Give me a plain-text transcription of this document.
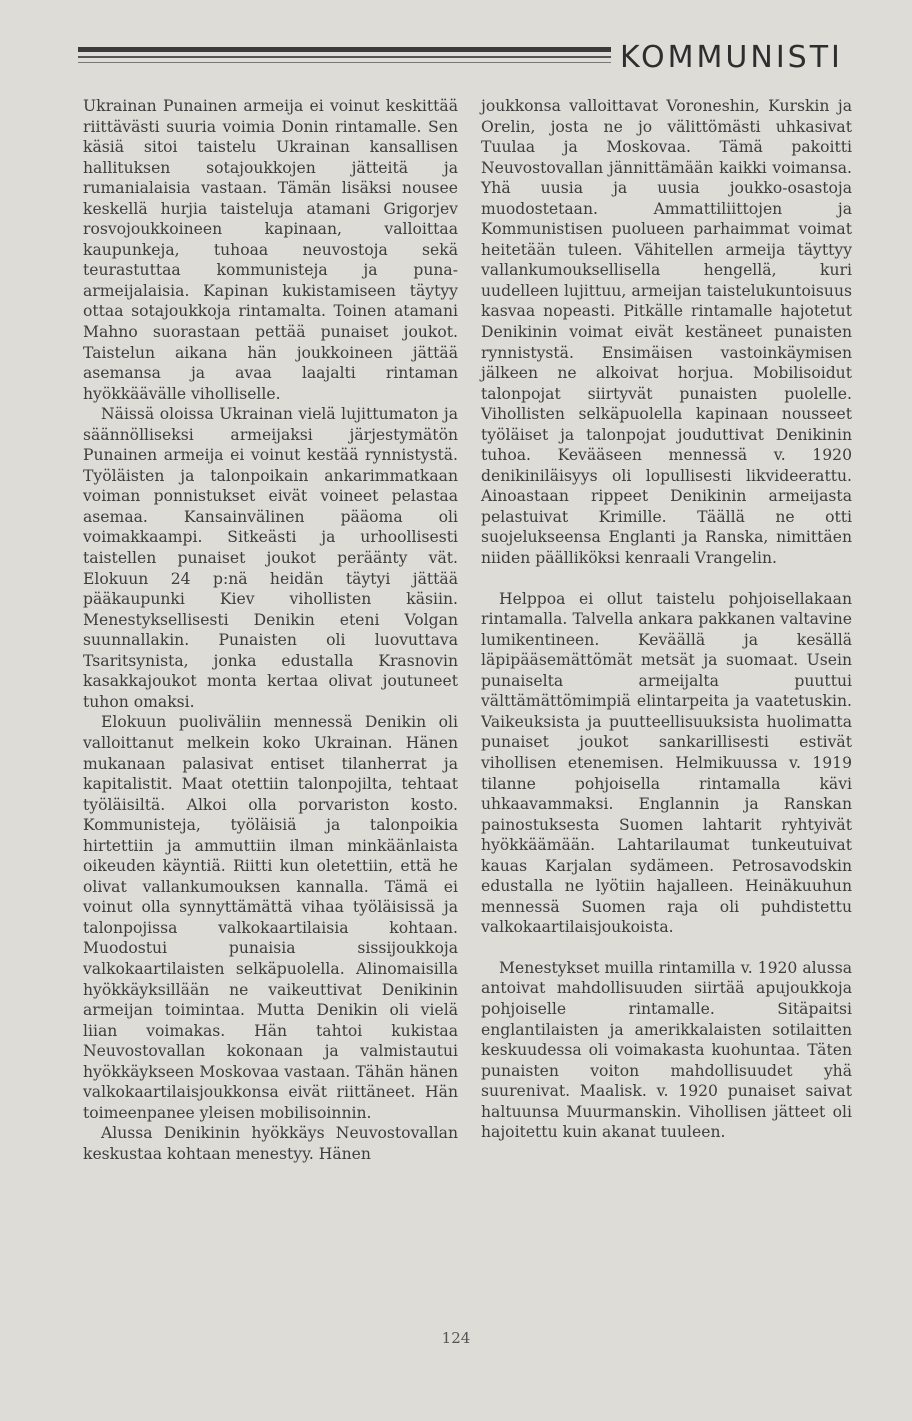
KOMMUNISTI

Ukrainan Punainen armeija ei voinut keskittää riittävästi suuria voimia Donin rintamalle. Sen käsiä sitoi taistelu Ukrainan kansallisen hallituksen sotajoukkojen jätteitä ja rumanialaisia vastaan. Tämän lisäksi nousee keskellä hurjia taisteluja atamani Grigorjev rosvojoukkoineen kapinaan, valloittaa kaupunkeja, tuhoaa neuvostoja sekä teurastuttaa kommunisteja ja puna-armeijalaisia. Kapinan kukistamiseen täytyy ottaa sotajoukkoja rintamalta. Toinen atamani Mahno suorastaan pettää punaiset joukot. Taistelun aikana hän joukkoineen jättää asemansa ja avaa laajalti rintaman hyökkäävälle viholliselle.

Näissä oloissa Ukrainan vielä lujittumaton ja säännölliseksi armeijaksi järjestymätön Punainen armeija ei voinut kestää rynnistystä. Työläisten ja talonpoikain ankarimmatkaan voiman ponnistukset eivät voineet pelastaa asemaa. Kansainvälinen pääoma oli voimakkaampi. Sitkeästi ja urhoollisesti taistellen punaiset joukot peräänty vät. Elokuun 24 p:nä heidän täytyi jättää pääkaupunki Kiev vihollisten käsiin. Menestyksellisesti Denikin eteni Volgan suunnallakin. Punaisten oli luovuttava Tsaritsynista, jonka edustalla Krasnovin kasakkajoukot monta kertaa olivat joutuneet tuhon omaksi.

Elokuun puoliväliin mennessä Denikin oli valloittanut melkein koko Ukrainan. Hänen mukanaan palasivat entiset tilanherrat ja kapitalistit. Maat otettiin talonpojilta, tehtaat työläisiltä. Alkoi olla porvariston kosto. Kommunisteja, työläisiä ja talonpoikia hirtettiin ja ammuttiin ilman minkäänlaista oikeuden käyntiä. Riitti kun oletettiin, että he olivat vallankumouksen kannalla. Tämä ei voinut olla synnyttämättä vihaa työläisissä ja talonpojissa valkokaartilaisia kohtaan. Muodostui punaisia sissijoukkoja valkokaartilaisten selkäpuolella. Alinomaisilla hyökkäyksillään ne vaikeuttivat Denikinin armeijan toimintaa. Mutta Denikin oli vielä liian voimakas. Hän tahtoi kukistaa Neuvostovallan kokonaan ja valmistautui hyökkäykseen Moskovaa vastaan. Tähän hänen valkokaartilaisjoukkonsa eivät riittäneet. Hän toimeenpanee yleisen mobilisoinnin.

Alussa Denikinin hyökkäys Neuvostovallan keskustaa kohtaan menestyy. Hänen

joukkonsa valloittavat Voroneshin, Kurskin ja Orelin, josta ne jo välittömästi uhkasivat Tuulaa ja Moskovaa. Tämä pakoitti Neuvostovallan jännittämään kaikki voimansa. Yhä uusia ja uusia joukko-osastoja muodostetaan. Ammattiliittojen ja Kommunistisen puolueen parhaimmat voimat heitetään tuleen. Vähitellen armeija täyttyy vallankumouksellisella hengellä, kuri uudelleen lujittuu, armeijan taistelukuntoisuus kasvaa nopeasti. Pitkälle rintamalle hajotetut Denikinin voimat eivät kestäneet punaisten rynnistystä. Ensimäisen vastoinkäymisen jälkeen ne alkoivat horjua. Mobilisoidut talonpojat siirtyvät punaisten puolelle. Vihollisten selkäpuolella kapinaan nousseet työläiset ja talonpojat jouduttivat Denikinin tuhoa. Kevääseen mennessä v. 1920 denikiniläisyys oli lopullisesti likvideerattu. Ainoastaan rippeet Denikinin armeijasta pelastuivat Krimille. Täällä ne otti suojelukseensa Englanti ja Ranska, nimittäen niiden päälliköksi kenraali Vrangelin.

Helppoa ei ollut taistelu pohjoisellakaan rintamalla. Talvella ankara pakkanen valtavine lumikentineen. Keväällä ja kesällä läpipääsemättömät metsät ja suomaat. Usein punaiselta armeijalta puuttui välttämättömimpiä elintarpeita ja vaatetuskin. Vaikeuksista ja puutteellisuuksista huolimatta punaiset joukot sankarillisesti estivät vihollisen etenemisen. Helmikuussa v. 1919 tilanne pohjoisella rintamalla kävi uhkaavammaksi. Englannin ja Ranskan painostuksesta Suomen lahtarit ryhtyivät hyökkäämään. Lahtarilaumat tunkeutuivat kauas Karjalan sydämeen. Petrosavodskin edustalla ne lyötiin hajalleen. Heinäkuuhun mennessä Suomen raja oli puhdistettu valkokaartilaisjoukoista.

Menestykset muilla rintamilla v. 1920 alussa antoivat mahdollisuuden siirtää apujoukkoja pohjoiselle rintamalle. Sitäpaitsi englantilaisten ja amerikkalaisten sotilaitten keskuudessa oli voimakasta kuohuntaa. Täten punaisten voiton mahdollisuudet yhä suurenivat. Maalisk. v. 1920 punaiset saivat haltuunsa Muurmanskin. Vihollisen jätteet oli hajoitettu kuin akanat tuuleen.

124
